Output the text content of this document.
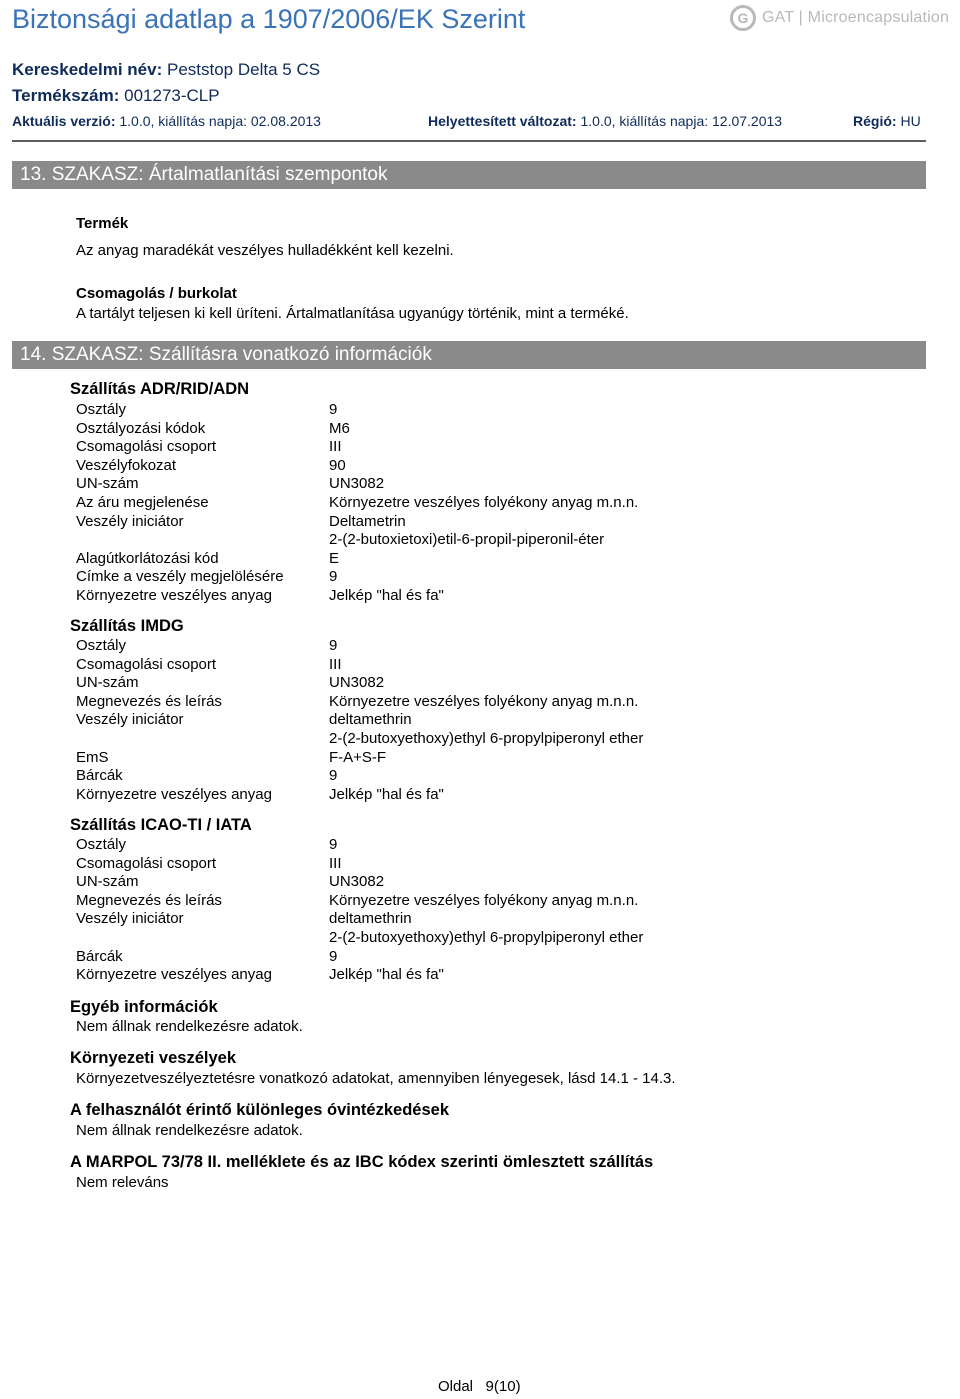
Biztonsági adatlap a 1907/2006/EK Szerint	G GAT | Microencapsulation
Kereskedelmi név: Peststop Delta 5 CS
Termékszám: 001273-CLP
Aktuális verzió: 1.0.0, kiállítás napja: 02.08.2013	Helyettesített változat: 1.0.0, kiállítás napja: 12.07.2013	Régió: HU
13. SZAKASZ: Ártalmatlanítási szempontok
Termék
Az anyag maradékát veszélyes hulladékként kell kezelni.
Csomagolás / burkolat
A tartályt teljesen ki kell üríteni. Ártalmatlanítása ugyanúgy történik, mint a terméké.
14. SZAKASZ: Szállításra vonatkozó információk
Szállítás ADR/RID/ADN
Osztály	9
Osztályozási kódok	M6
Csomagolási csoport	III
Veszélyfokozat	90
UN-szám	UN3082
Az áru megjelenése	Környezetre veszélyes folyékony anyag m.n.n.
Veszély iniciátor	Deltametrin
2-(2-butoxietoxi)etil-6-propil-piperonil-éter
Alagútkorlátozási kód	E
Címke a veszély megjelölésére	9
Környezetre veszélyes anyag	Jelkép "hal és fa"
Szállítás IMDG
Osztály	9
Csomagolási csoport	III
UN-szám	UN3082
Megnevezés és leírás	Környezetre veszélyes folyékony anyag m.n.n.
Veszély iniciátor	deltamethrin
2-(2-butoxyethoxy)ethyl 6-propylpiperonyl ether
EmS	F-A+S-F
Bárcák	9
Környezetre veszélyes anyag	Jelkép "hal és fa"
Szállítás ICAO-TI / IATA
Osztály	9
Csomagolási csoport	III
UN-szám	UN3082
Megnevezés és leírás	Környezetre veszélyes folyékony anyag m.n.n.
Veszély iniciátor	deltamethrin
2-(2-butoxyethoxy)ethyl 6-propylpiperonyl ether
Bárcák	9
Környezetre veszélyes anyag	Jelkép "hal és fa"
Egyéb információk
Nem állnak rendelkezésre adatok.
Környezeti veszélyek
Környezetveszélyeztetésre vonatkozó adatokat, amennyiben lényegesek, lásd 14.1 - 14.3.
A felhasználót érintő különleges óvintézkedések
Nem állnak rendelkezésre adatok.
A MARPOL 73/78 II. melléklete és az IBC kódex szerinti ömlesztett szállítás
Nem releváns
Oldal 9(10)
